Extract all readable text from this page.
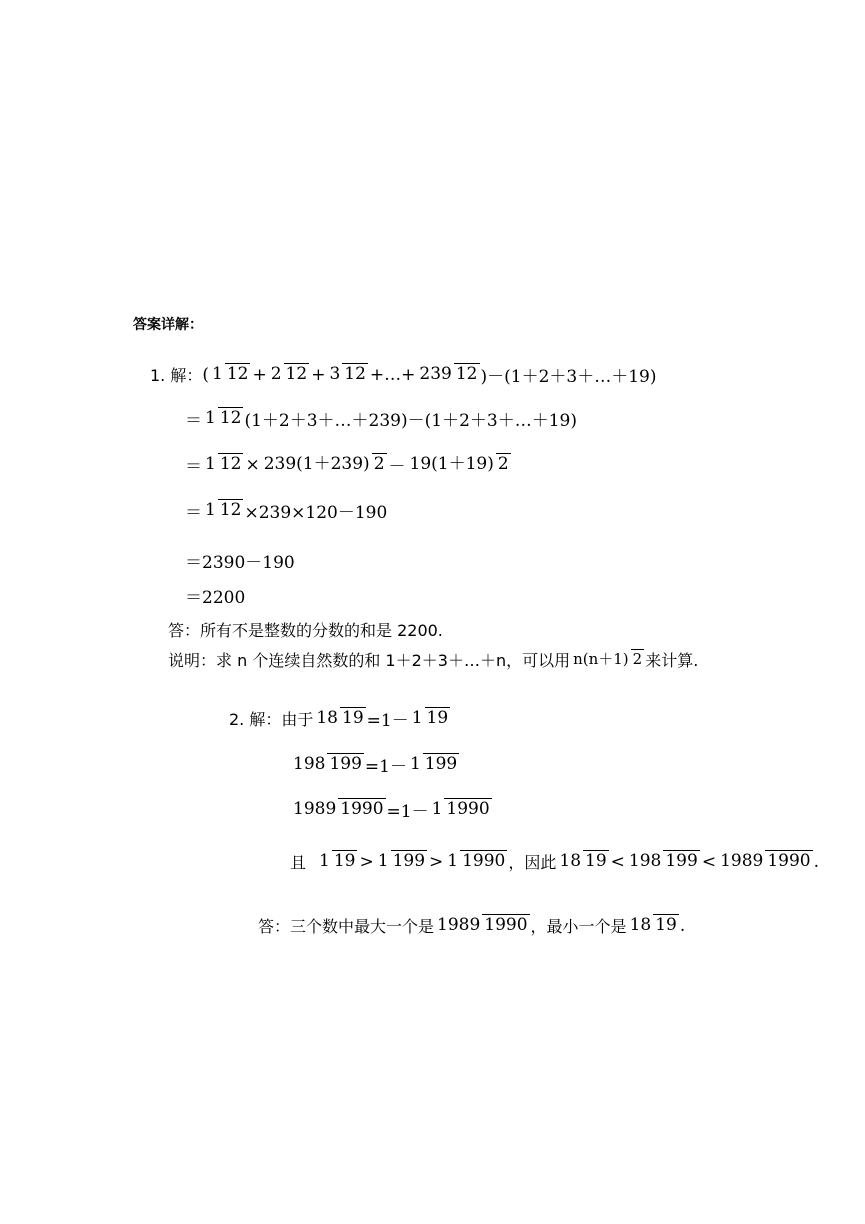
答案详解：
1. 解： ( 1 12 + 2 12 + 3 12 +…+ 239 12 )－(1＋2＋3＋…＋19)
＝ 1 12 (1＋2＋3＋…＋239)－(1＋2＋3＋…＋19)
＝ 1 12 × 239(1＋239) 2 － 19(1＋19) 2
＝ 1 12 ×239×120－190
＝2390－190
＝2200
答：所有不是整数的分数的和是 2200.
说明：求 n 个连续自然数的和 1＋2＋3＋…＋n，可以用 n(n＋1) 2 来计算.
2. 解：由于 18 19 =1－ 1 19
198 199 =1－ 1 199
1989 1990 =1－ 1 1990
且 1 19 > 1 199 > 1 1990 ，因此 18 19 < 198 199 < 1989 1990 .
答：三个数中最大一个是 1989 1990 ，最小一个是 18 19 .
